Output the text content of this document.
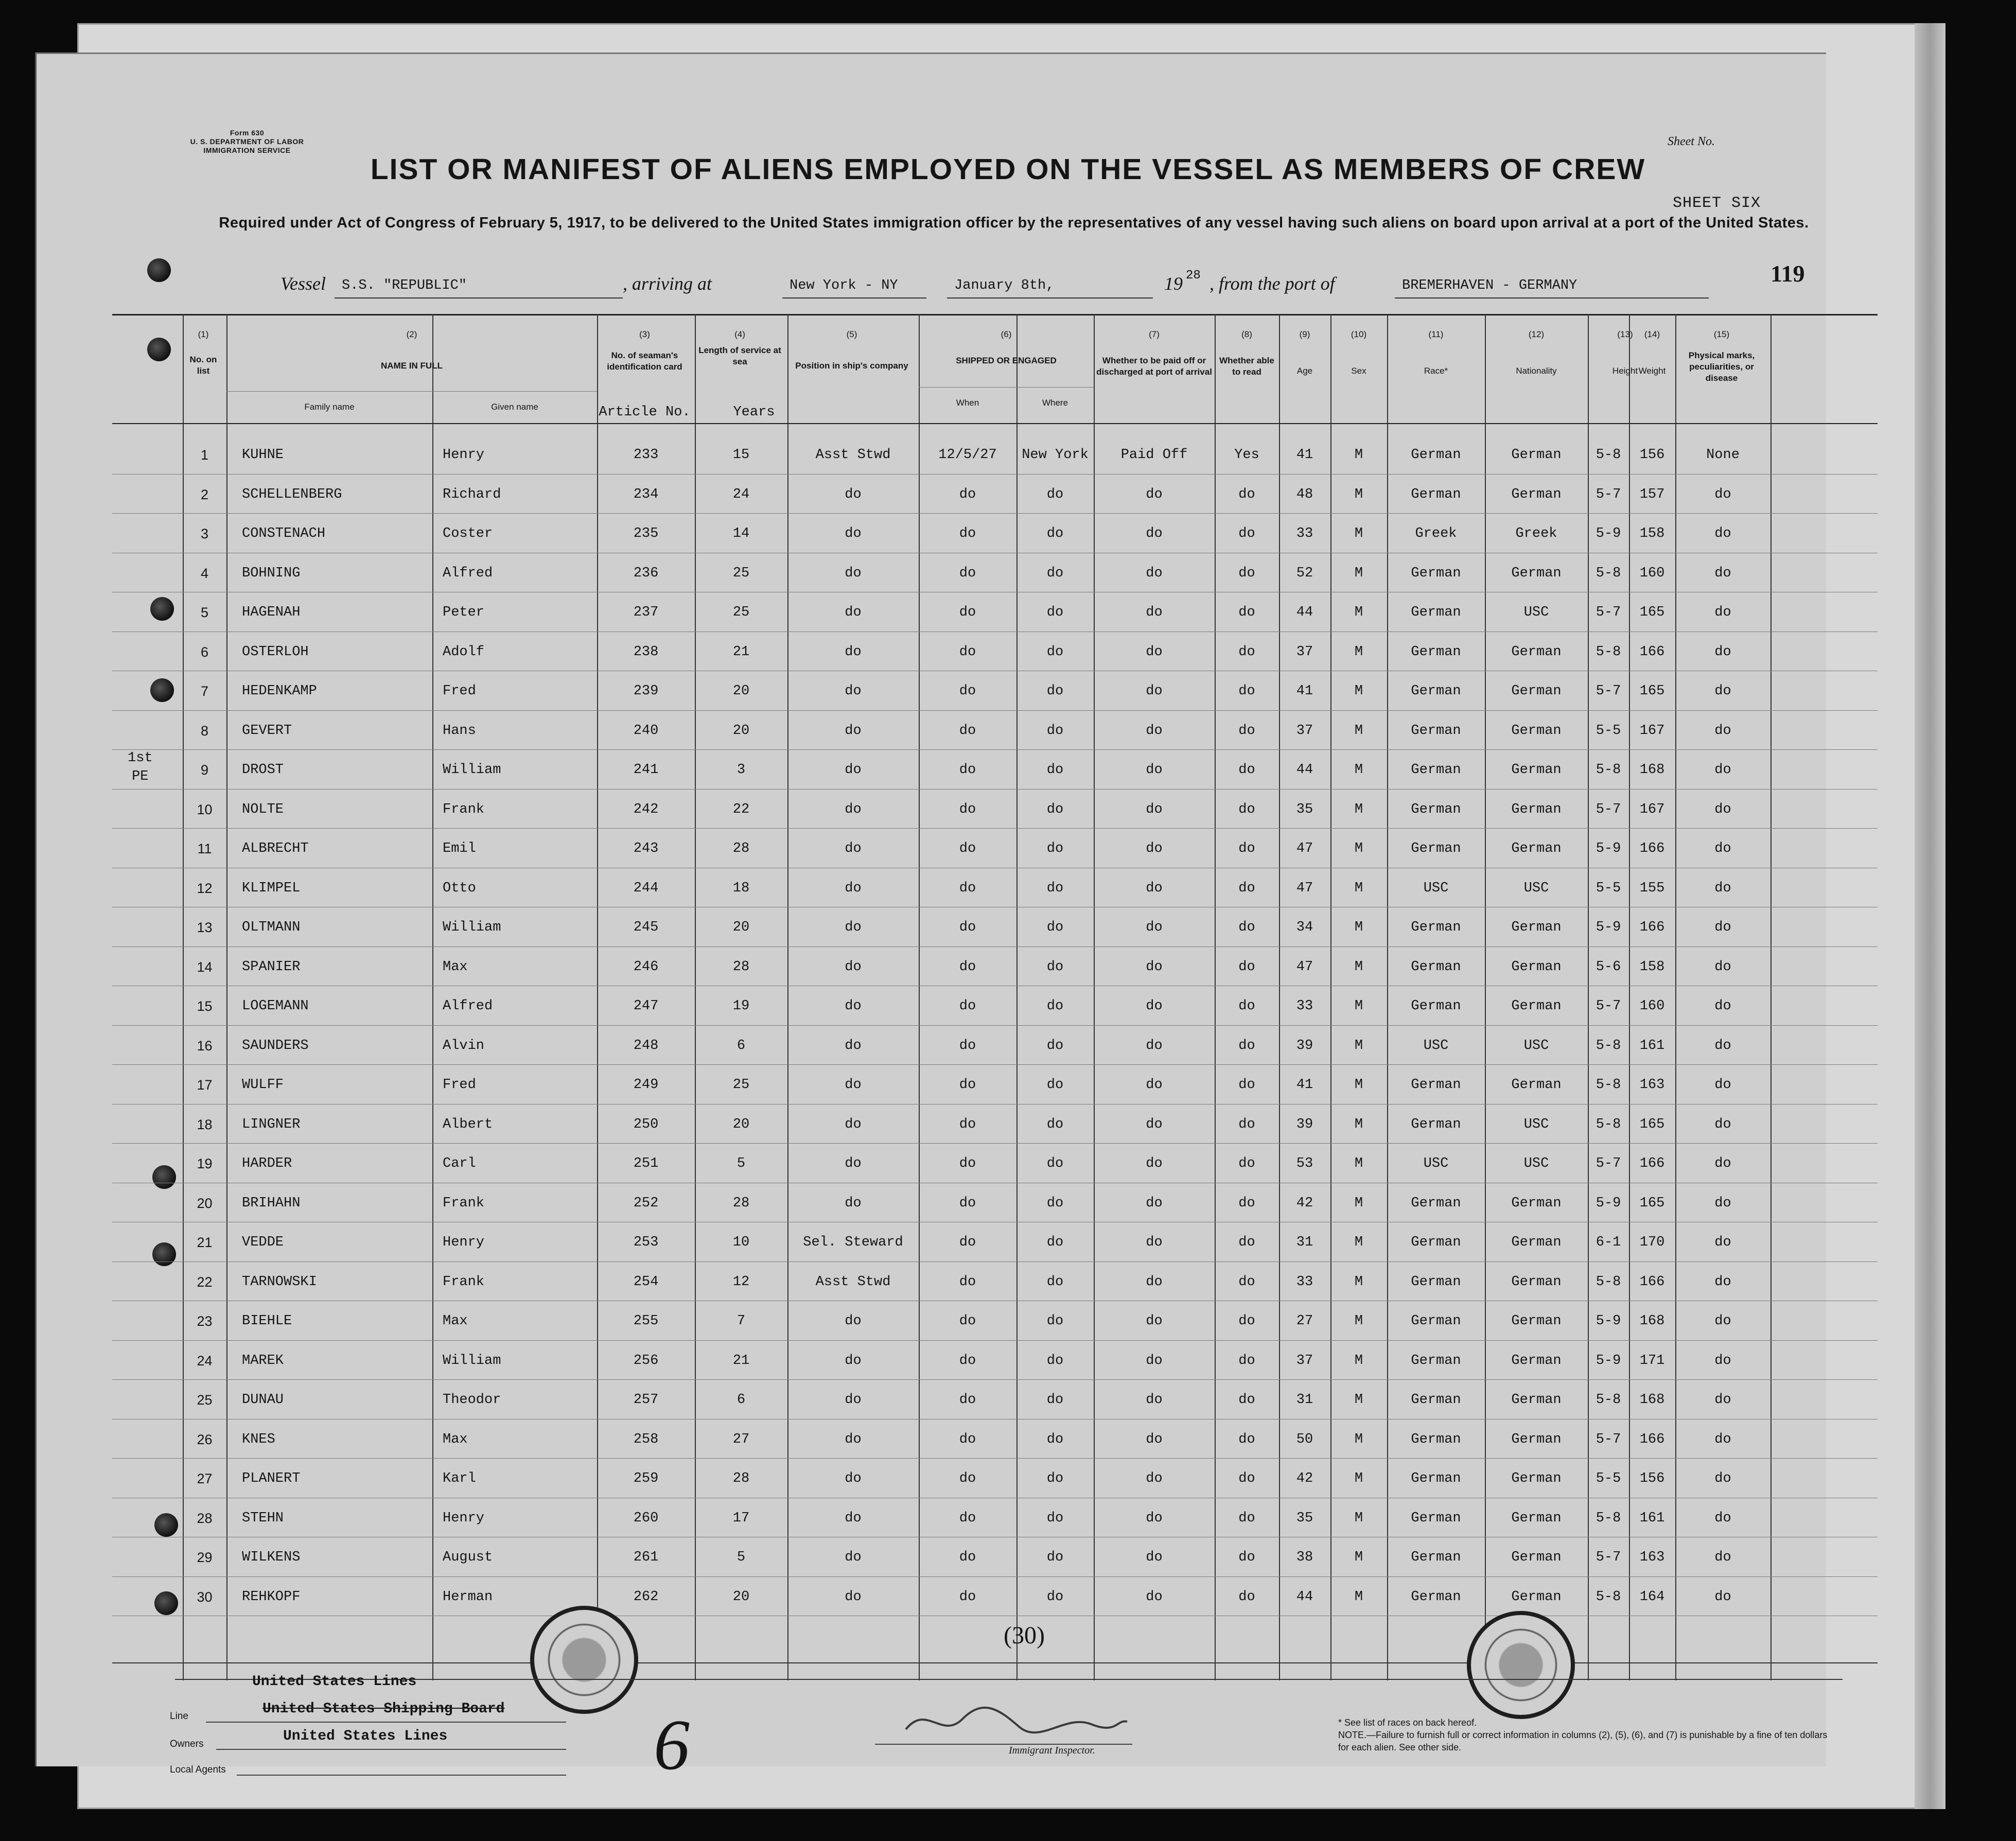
Form 630
U. S. DEPARTMENT OF LABOR
IMMIGRATION SERVICE
Sheet No.
LIST OR MANIFEST OF ALIENS EMPLOYED ON THE VESSEL AS MEMBERS OF CREW
SHEET SIX
Required under Act of Congress of February 5, 1917, to be delivered to the United States immigration officer by the representatives of any vessel having such aliens on board upon arrival at a port of the United States.
Vessel	S.S. "REPUBLIC"	, arriving at	New York - NY	January 8th,	19 28 , from the port of	BREMERHAVEN - GERMANY	119
(1)
No. on list
(2)
NAME IN FULL
Family name	Given name
(3)
No. of seaman's identification card
Article No.
(4)
Length of service at sea
Years
(5)
Position in ship's company
(6)
SHIPPED OR ENGAGED
When	Where
(7)
Whether to be paid off or discharged at port of arrival
(8)
Whether able to read
(9)
Age
(10)
Sex
(11)
Race*
(12)
Nationality
(13)
Height
(14)
Weight
(15)
Physical marks, peculiarities, or disease
1st
PE
1	KUHNE	Henry	233	15	Asst Stwd	12/5/27	New York	Paid Off	Yes	41	M	German	German	5-8	156	None
2	SCHELLENBERG	Richard	234	24	do	do	do	do	do	48	M	German	German	5-7	157	do
3	CONSTENACH	Coster	235	14	do	do	do	do	do	33	M	Greek	Greek	5-9	158	do
4	BOHNING	Alfred	236	25	do	do	do	do	do	52	M	German	German	5-8	160	do
5	HAGENAH	Peter	237	25	do	do	do	do	do	44	M	German	USC	5-7	165	do
6	OSTERLOH	Adolf	238	21	do	do	do	do	do	37	M	German	German	5-8	166	do
7	HEDENKAMP	Fred	239	20	do	do	do	do	do	41	M	German	German	5-7	165	do
8	GEVERT	Hans	240	20	do	do	do	do	do	37	M	German	German	5-5	167	do
9	DROST	William	241	3	do	do	do	do	do	44	M	German	German	5-8	168	do
10	NOLTE	Frank	242	22	do	do	do	do	do	35	M	German	German	5-7	167	do
11	ALBRECHT	Emil	243	28	do	do	do	do	do	47	M	German	German	5-9	166	do
12	KLIMPEL	Otto	244	18	do	do	do	do	do	47	M	USC	USC	5-5	155	do
13	OLTMANN	William	245	20	do	do	do	do	do	34	M	German	German	5-9	166	do
14	SPANIER	Max	246	28	do	do	do	do	do	47	M	German	German	5-6	158	do
15	LOGEMANN	Alfred	247	19	do	do	do	do	do	33	M	German	German	5-7	160	do
16	SAUNDERS	Alvin	248	6	do	do	do	do	do	39	M	USC	USC	5-8	161	do
17	WULFF	Fred	249	25	do	do	do	do	do	41	M	German	German	5-8	163	do
18	LINGNER	Albert	250	20	do	do	do	do	do	39	M	German	USC	5-8	165	do
19	HARDER	Carl	251	5	do	do	do	do	do	53	M	USC	USC	5-7	166	do
20	BRIHAHN	Frank	252	28	do	do	do	do	do	42	M	German	German	5-9	165	do
21	VEDDE	Henry	253	10	Sel. Steward	do	do	do	do	31	M	German	German	6-1	170	do
22	TARNOWSKI	Frank	254	12	Asst Stwd	do	do	do	do	33	M	German	German	5-8	166	do
23	BIEHLE	Max	255	7	do	do	do	do	do	27	M	German	German	5-9	168	do
24	MAREK	William	256	21	do	do	do	do	do	37	M	German	German	5-9	171	do
25	DUNAU	Theodor	257	6	do	do	do	do	do	31	M	German	German	5-8	168	do
26	KNES	Max	258	27	do	do	do	do	do	50	M	German	German	5-7	166	do
27	PLANERT	Karl	259	28	do	do	do	do	do	42	M	German	German	5-5	156	do
28	STEHN	Henry	260	17	do	do	do	do	do	35	M	German	German	5-8	161	do
29	WILKENS	August	261	5	do	do	do	do	do	38	M	German	German	5-7	163	do
30	REHKOPF	Herman	262	20	do	do	do	do	do	44	M	German	German	5-8	164	do
(30)
United States Lines
Line	United States Shipping Board
Owners	United States Lines
Local Agents	6	Immigrant Inspector.
* See list of races on back hereof.
NOTE.—Failure to furnish full or correct information in columns (2), (5), (6), and (7) is punishable by a fine of ten dollars for each alien. See other side.
